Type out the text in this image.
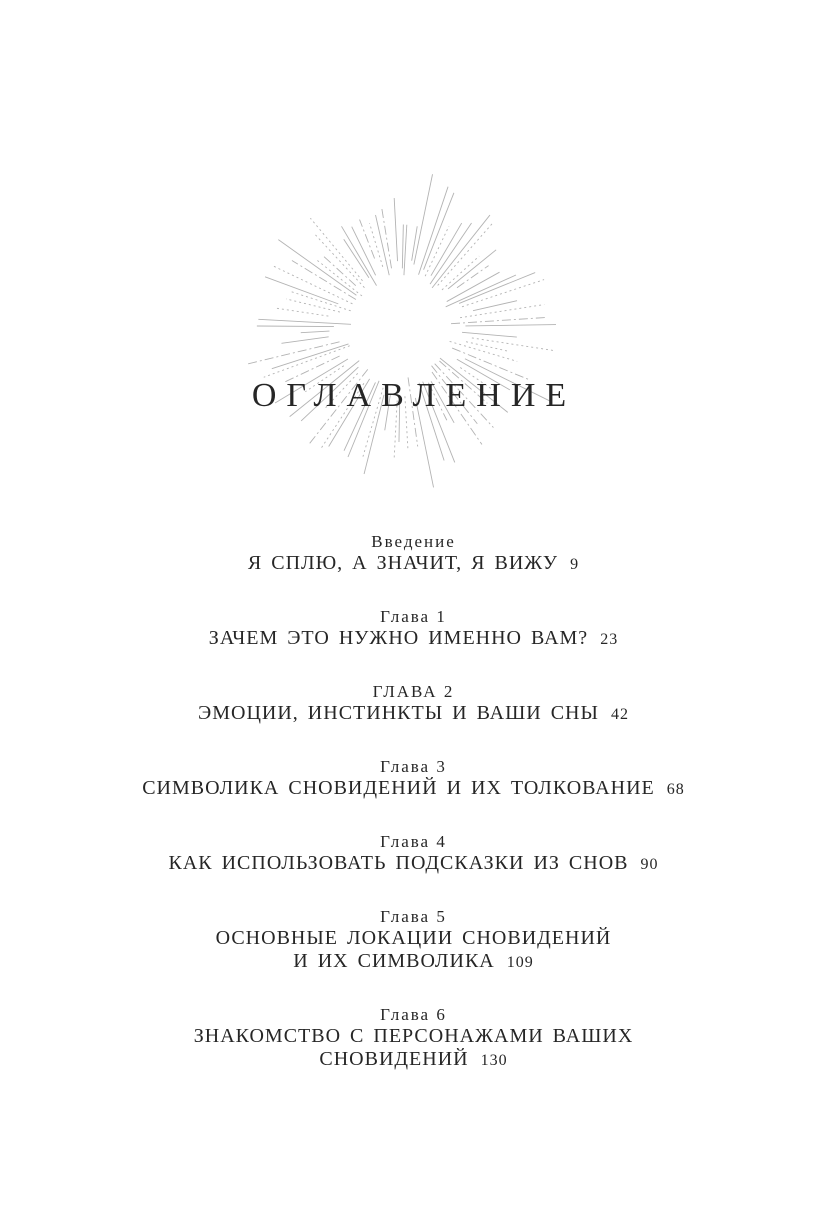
ОГЛАВЛЕНИЕ
Введение
Я СПЛЮ, А ЗНАЧИТ, Я ВИЖУ 9
Глава 1
ЗАЧЕМ ЭТО НУЖНО ИМЕННО ВАМ? 23
ГЛАВА 2
ЭМОЦИИ, ИНСТИНКТЫ И ВАШИ СНЫ 42
Глава 3
СИМВОЛИКА СНОВИДЕНИЙ И ИХ ТОЛКОВАНИЕ 68
Глава 4
КАК ИСПОЛЬЗОВАТЬ ПОДСКАЗКИ ИЗ СНОВ 90
Глава 5
ОСНОВНЫЕ ЛОКАЦИИ СНОВИДЕНИЙ
И ИХ СИМВОЛИКА 109
Глава 6
ЗНАКОМСТВО С ПЕРСОНАЖАМИ ВАШИХ
СНОВИДЕНИЙ 130
